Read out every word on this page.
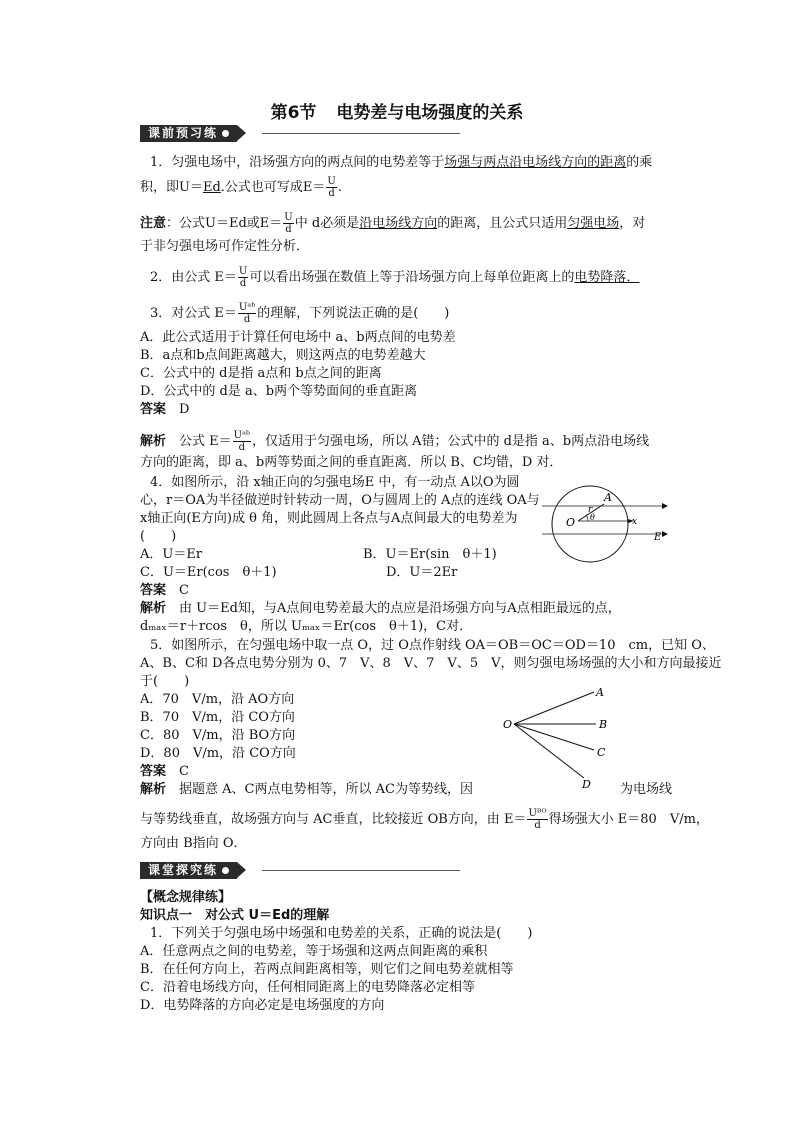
第6节 电势差与电场强度的关系
课前预习练
1．匀强电场中，沿场强方向的两点间的电势差等于场强与两点沿电场线方向的距离的乘
积，即U＝Ed.公式也可写成$E= \frac{U}{d}$ .
注意：公式U＝Ed或$E= \frac{U}{d}$ 中 d必须是沿电场线方向的距离，且公式只适用匀强电场，对
于非匀强电场可作定性分析．
2．由公式 $E= \frac{U}{d}$ 可以看出场强在数值上等于沿场强方向上每单位距离上的电势降落．
3．对公式 $E= \frac{\text{Uᵃᵇ}}{d}$ 的理解，下列说法正确的是(　　)
A．此公式适用于计算任何电场中 a、b两点间的电势差
B．a点和b点间距离越大，则这两点的电势差越大
C．公式中的 d是指 a点和 b点之间的距离
D．公式中的 d是 a、b两个等势面间的垂直距离
答案　D
解析　公式 $E= \frac{\text{Uᵃᵇ}}{d}$ ，仅适用于匀强电场，所以 A错；公式中的 d是指 a、b两点沿电场线
方向的距离，即 a、b两等势面之间的垂直距离．所以 B、C均错，D 对．
4．如图所示，沿 x轴正向的匀强电场E 中，有一动点 A以O为圆
心，r＝OA为半径做逆时针转动一周，O与圆周上的 A点的连线 OA与
x轴正向(E方向)成 θ 角，则此圆周上各点与A点间最大的电势差为
(　　)
A．U＝Er	B．U＝Er(sin　θ＋1)
C．U＝Er(cos　θ＋1)	D．U＝2Er
答案　C
解析　由 U＝Ed知，与A点间电势差最大的点应是沿场强方向与A点相距最远的点，
dₘₐₓ＝r＋rcos　θ，所以 Uₘₐₓ＝Er(cos　θ＋1)，C对．
A
O
r
θ	x
E
5．如图所示，在匀强电场中取一点 O，过 O点作射线 OA＝OB＝OC＝OD＝10　cm，已知 O、
A、B、C和 D各点电势分别为 0、7　V、8　V、7　V、5　V，则匀强电场场强的大小和方向最接近
于(　　)
A．70　V/m，沿 AO方向
B．70　V/m，沿 CO方向
C．80　V/m，沿 BO方向
D．80　V/m，沿 CO方向
答案　C
解析　据题意 A、C两点电势相等，所以 AC为等势线，因	为电场线
与等势线垂直，故场强方向与 AC垂直，比较接近 OB方向，由 $E= \frac{\text{Uᴮᴼ}}{d}$ 得场强大小 E＝80　V/m，
方向由 B指向 O．
O
A
B
C
D
课堂探究练
【概念规律练】
知识点一　对公式 U＝Ed的理解
1．下列关于匀强电场中场强和电势差的关系，正确的说法是(　　)
A．任意两点之间的电势差，等于场强和这两点间距离的乘积
B．在任何方向上，若两点间距离相等，则它们之间电势差就相等
C．沿着电场线方向，任何相同距离上的电势降落必定相等
D．电势降落的方向必定是电场强度的方向
